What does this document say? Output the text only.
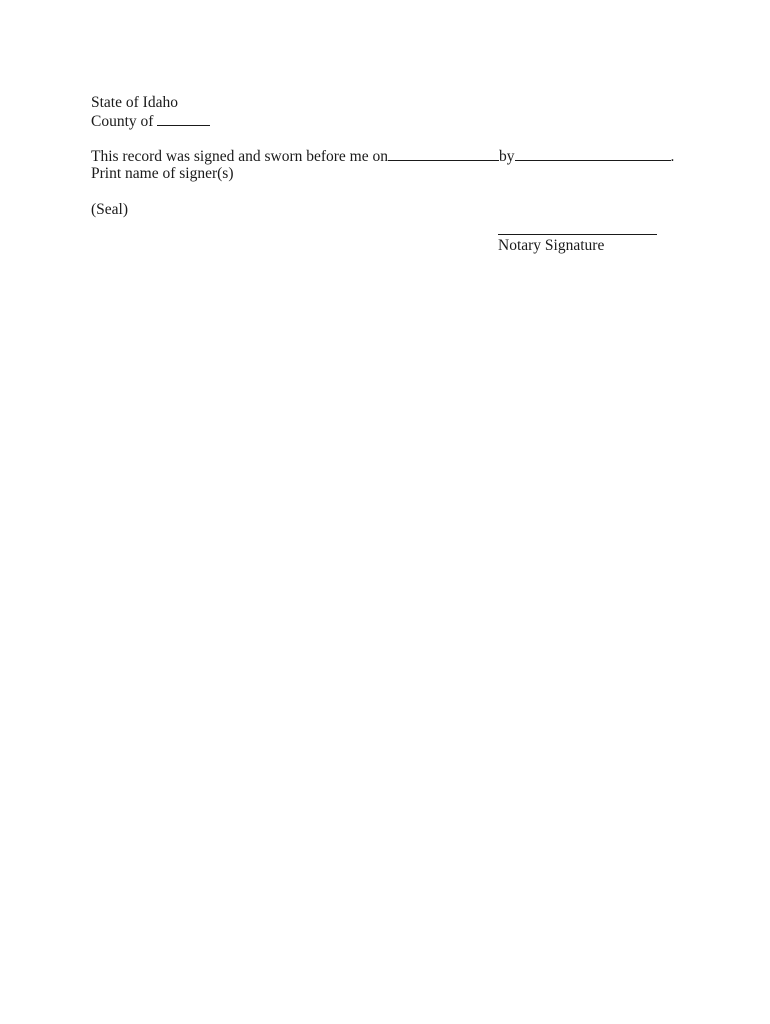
State of Idaho
County of
This record was signed and sworn before me on	by	.
Print name of signer(s)
(Seal)
Notary Signature
